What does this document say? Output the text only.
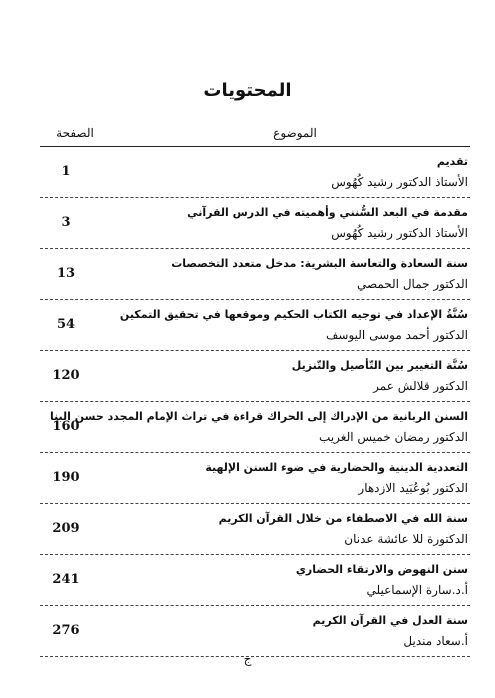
المحتويات
الموضوع
الصفحة
تقديم
الأستاذ الدكتور رشيد كُهُوس
1
مقدمة في البعد السُّنني وأهميته في الدرس القرآني
الأستاذ الدكتور رشيد كُهُوس
3
سنة السعادة والتعاسة البشرية: مدخل متعدد التخصصات
الدكتور جمال الحمصي
13
سُنَّةُ الإعداد في توجيه الكتاب الحكيم وموقعها في تحقيق التمكين
الدكتور أحمد موسى اليوسف
54
سُنَّة التغيير بين التّأصيل والتّنزيل
الدكتور قلالش عمر
120
السنن الربانية من الإدراك إلى الحراك قراءة في تراث الإمام المجدد حسن البنا
الدكتور رمضان خميس الغريب
160
التعددية الدينية والحضارية في ضوء السنن الإلهية
الدكتور بُوعُبَيد الازدهار
190
سنة الله في الاصطفاء من خلال القرآن الكريم
الدكتورة للا عائشة عدنان
209
سنن النهوض والارتقاء الحضاري
أ.د.سارة الإسماعيلي
241
سنة العدل في القرآن الكريم
أ.سعاد منديل
276
ج
